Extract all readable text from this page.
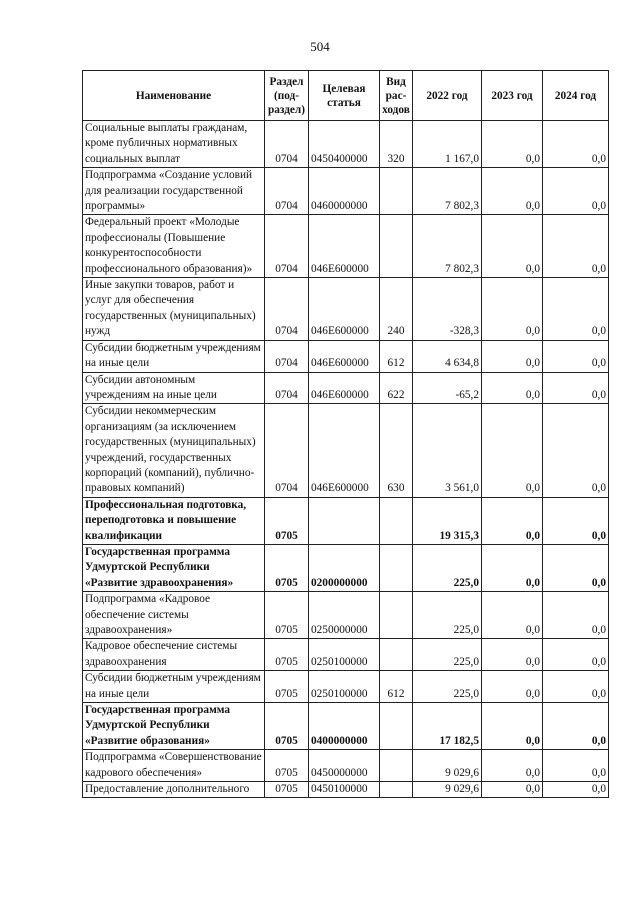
504
Наименование	Раздел (под-раздел)	Целевая статья	Вид рас-ходов	2022 год	2023 год	2024 год
Социальные выплаты гражданам, кроме публичных нормативных социальных выплат	0704	0450400000	320	1 167,0	0,0	0,0
Подпрограмма «Создание условий для реализации государственной программы»	0704	0460000000		7 802,3	0,0	0,0
Федеральный проект «Молодые профессионалы (Повышение конкурентоспособности профессионального образования)»	0704	046E600000		7 802,3	0,0	0,0
Иные закупки товаров, работ и услуг для обеспечения государственных (муниципальных) нужд	0704	046E600000	240	-328,3	0,0	0,0
Субсидии бюджетным учреждениям на иные цели	0704	046E600000	612	4 634,8	0,0	0,0
Субсидии автономным учреждениям на иные цели	0704	046E600000	622	-65,2	0,0	0,0
Субсидии некоммерческим организациям (за исключением государственных (муниципальных) учреждений, государственных корпораций (компаний), публично-правовых компаний)	0704	046E600000	630	3 561,0	0,0	0,0
Профессиональная подготовка, переподготовка и повышение квалификации	0705			19 315,3	0,0	0,0
Государственная программа Удмуртской Республики «Развитие здравоохранения»	0705	0200000000		225,0	0,0	0,0
Подпрограмма «Кадровое обеспечение системы здравоохранения»	0705	0250000000		225,0	0,0	0,0
Кадровое обеспечение системы здравоохранения	0705	0250100000		225,0	0,0	0,0
Субсидии бюджетным учреждениям на иные цели	0705	0250100000	612	225,0	0,0	0,0
Государственная программа Удмуртской Республики «Развитие образования»	0705	0400000000		17 182,5	0,0	0,0
Подпрограмма «Совершенствование кадрового обеспечения»	0705	0450000000		9 029,6	0,0	0,0
Предоставление дополнительного	0705	0450100000		9 029,6	0,0	0,0
